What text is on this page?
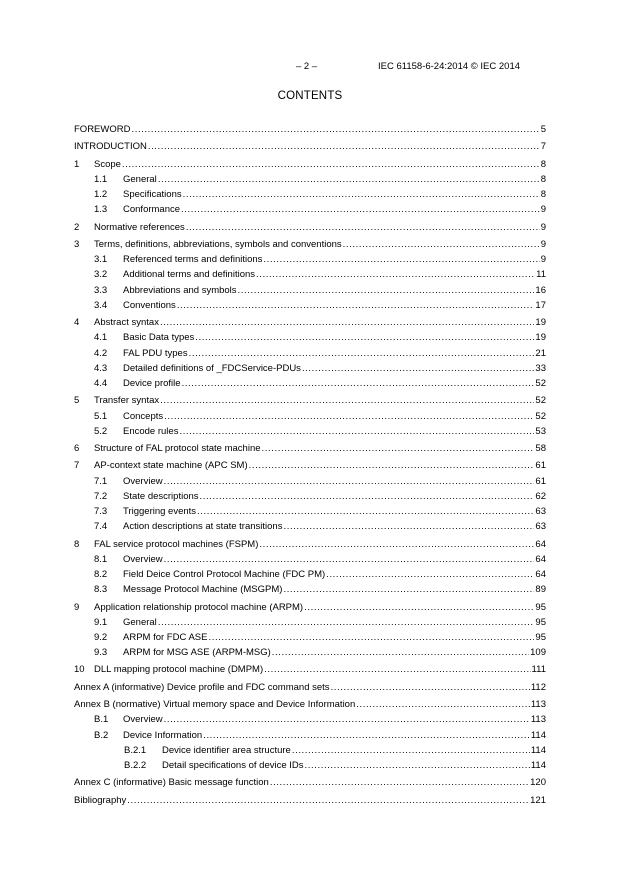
– 2 –	IEC 61158-6-24:2014 © IEC 2014
CONTENTS
FOREWORD .....	5
INTRODUCTION .....	7
1	Scope .....	8
1.1	General .....	8
1.2	Specifications .....	8
1.3	Conformance .....	9
2	Normative references .....	9
3	Terms, definitions, abbreviations, symbols and conventions .....	9
3.1	Referenced terms and definitions .....	9
3.2	Additional terms and definitions .....	11
3.3	Abbreviations and symbols .....	16
3.4	Conventions .....	17
4	Abstract syntax .....	19
4.1	Basic Data types .....	19
4.2	FAL PDU types .....	21
4.3	Detailed definitions of _FDCService-PDUs .....	33
4.4	Device profile .....	52
5	Transfer syntax .....	52
5.1	Concepts .....	52
5.2	Encode rules .....	53
6	Structure of FAL protocol state machine .....	58
7	AP-context state machine (APC SM) .....	61
7.1	Overview .....	61
7.2	State descriptions .....	62
7.3	Triggering events .....	63
7.4	Action descriptions at state transitions .....	63
8	FAL service protocol machines (FSPM) .....	64
8.1	Overview .....	64
8.2	Field Deice Control Protocol Machine (FDC PM) .....	64
8.3	Message Protocol Machine (MSGPM) .....	89
9	Application relationship protocol machine (ARPM) .....	95
9.1	General .....	95
9.2	ARPM for FDC ASE .....	95
9.3	ARPM for MSG ASE (ARPM-MSG) .....	109
10 DLL mapping protocol machine (DMPM) .....	111
Annex A (informative) Device profile and FDC command sets .....	112
Annex B (normative) Virtual memory space and Device Information .....	113
B.1	Overview .....	113
B.2	Device Information .....	114
B.2.1	Device identifier area structure .....	114
B.2.2	Detail specifications of device IDs .....	114
Annex C (informative) Basic message function .....	120
Bibliography .....	121
